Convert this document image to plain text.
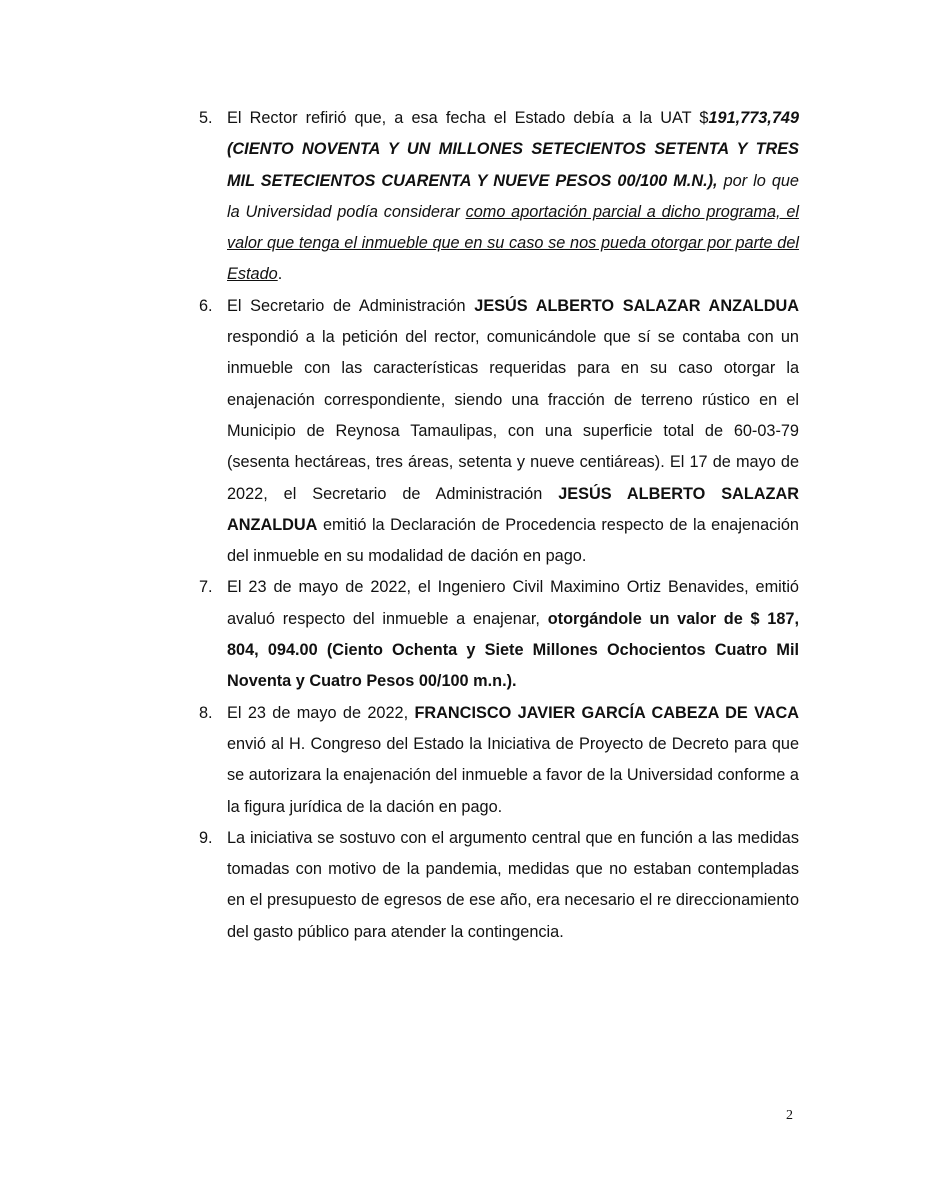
5. El Rector refirió que, a esa fecha el Estado debía a la UAT $191,773,749 (CIENTO NOVENTA Y UN MILLONES SETECIENTOS SETENTA Y TRES MIL SETECIENTOS CUARENTA Y NUEVE PESOS 00/100 M.N.), por lo que la Universidad podía considerar como aportación parcial a dicho programa, el valor que tenga el inmueble que en su caso se nos pueda otorgar por parte del Estado.
6. El Secretario de Administración JESÚS ALBERTO SALAZAR ANZALDUA respondió a la petición del rector, comunicándole que sí se contaba con un inmueble con las características requeridas para en su caso otorgar la enajenación correspondiente, siendo una fracción de terreno rústico en el Municipio de Reynosa Tamaulipas, con una superficie total de 60-03-79 (sesenta hectáreas, tres áreas, setenta y nueve centiáreas). El 17 de mayo de 2022, el Secretario de Administración JESÚS ALBERTO SALAZAR ANZALDUA emitió la Declaración de Procedencia respecto de la enajenación del inmueble en su modalidad de dación en pago.
7. El 23 de mayo de 2022, el Ingeniero Civil Maximino Ortiz Benavides, emitió avaluó respecto del inmueble a enajenar, otorgándole un valor de $ 187, 804, 094.00 (Ciento Ochenta y Siete Millones Ochocientos Cuatro Mil Noventa y Cuatro Pesos 00/100 m.n.).
8. El 23 de mayo de 2022, FRANCISCO JAVIER GARCÍA CABEZA DE VACA envió al H. Congreso del Estado la Iniciativa de Proyecto de Decreto para que se autorizara la enajenación del inmueble a favor de la Universidad conforme a la figura jurídica de la dación en pago.
9. La iniciativa se sostuvo con el argumento central que en función a las medidas tomadas con motivo de la pandemia, medidas que no estaban contempladas en el presupuesto de egresos de ese año, era necesario el re direccionamiento del gasto público para atender la contingencia.
2
